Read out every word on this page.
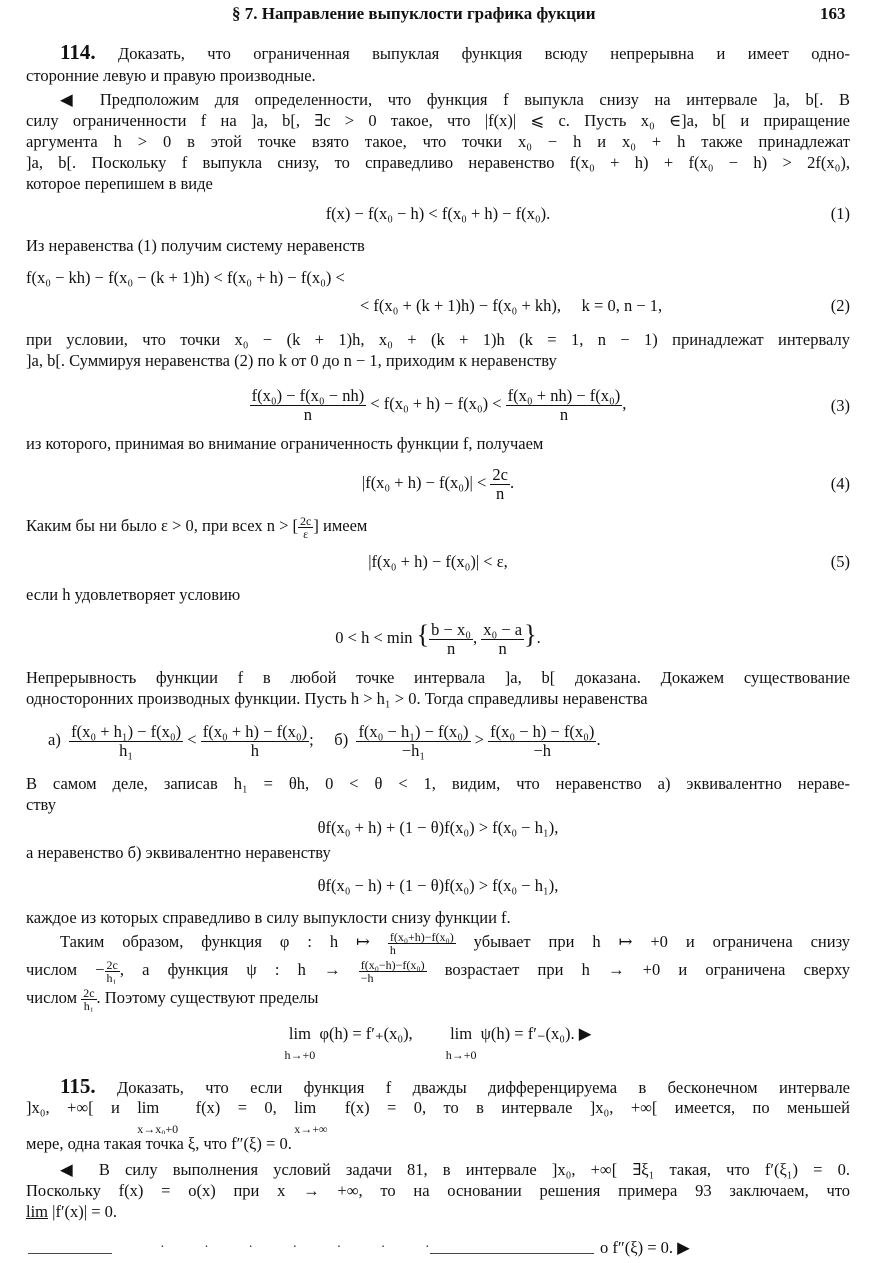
§ 7. Направление выпуклости графика фукции	163
114. Доказать, что ограниченная выпуклая функция всюду непрерывна и имеет одно-
сторонние левую и правую производные.
◀ Предположим для определенности, что функция f выпукла снизу на интервале ]a, b[. В
силу ограниченности f на ]a, b[, ∃c > 0 такое, что |f(x)| ⩽ c. Пусть x₀ ∈]a, b[ и приращение
аргумента h > 0 в этой точке взято такое, что точки x₀ − h и x₀ + h также принадлежат
]a, b[. Поскольку f выпукла снизу, то справедливо неравенство f(x₀ + h) + f(x₀ − h) > 2f(x₀),
которое перепишем в виде
f(x) − f(x₀ − h) < f(x₀ + h) − f(x₀).	(1)
Из неравенства (1) получим систему неравенств
f(x₀ − kh) − f(x₀ − (k + 1)h) < f(x₀ + h) − f(x₀) <
< f(x₀ + (k + 1)h) − f(x₀ + kh), k = 0, n − 1,	(2)
при условии, что точки x₀ − (k + 1)h, x₀ + (k + 1)h (k = 1, n − 1) принадлежат интервалу
]a, b[. Суммируя неравенства (2) по k от 0 до n − 1, приходим к неравенству
$\frac{\text{f(x₀) − f(x₀ − nh)}}{n} < f(x_0 + h) - f(x_0) < \frac{\text{f(x₀ + nh) − f(x₀)}}{n}$ ,	(3)
из которого, принимая во внимание ограниченность функции f, получаем
$|f(x_0 + h) - f(x_0)| < \frac{2c}{n}$ .	(4)
Каким бы ни было ε > 0, при всех n > [ $\frac{2c}{\varepsilon}$ ] имеем
|f(x₀ + h) − f(x₀)| < ε,	(5)
если h удовлетворяет условию
0 < h < min { $\frac{\text{b − x₀}}{n}$ , $\frac{\text{x₀ − a}}{n}$ }.
Непрерывность функции f в любой точке интервала ]a, b[ доказана. Докажем существование
односторонних производных функции. Пусть h > h₁ > 0. Тогда справедливы неравенства
$а) \frac{\text{f(x₀ + h₁) − f(x₀)}}{\text{h₁}} < \frac{\text{f(x₀ + h) − f(x₀)}}{h}$ ; $б) \frac{\text{f(x₀ − h₁) − f(x₀)}}{\text{−h₁}} > \frac{\text{f(x₀ − h) − f(x₀)}}{-h}$ .
В самом деле, записав h₁ = θh, 0 < θ < 1, видим, что неравенство а) эквивалентно нераве-
ству
θf(x₀ + h) + (1 − θ)f(x₀) > f(x₀ − h₁),
а неравенство б) эквивалентно неравенству
θf(x₀ − h) + (1 − θ)f(x₀) > f(x₀ − h₁),
каждое из которых справедливо в силу выпуклости снизу функции f.
Таким образом, функция φ : h ↦ $\frac{\text{f(x₀+h)−f(x₀)}}{h}$ убывает при h ↦ +0 и ограничена снизу
числом − $\frac{2c}{\text{h₁}}$ , а функция ψ : $h \to \frac{\text{f(x₀−h)−f(x₀)}}{-h}$ возрастает при h → +0 и ограничена сверху
числом $\frac{2c}{\text{h₁}}$ . Поэтому существуют пределы
lim
h→+0 φ(h) = f′₊(x₀), lim
h→+0 ψ(h) = f′₋(x₀). ▶
115. Доказать, что если функция f дважды дифференцируема в бесконечном интервале
]x₀, +∞[ и lim
x→x₀+0 f(x) = 0, lim
x→+∞ f(x) = 0, то в интервале ]x₀, +∞[ имеется, по меньшей
мере, одна такая точка ξ, что f″(ξ) = 0.
◀ В силу выполнения условий задачи 81, в интервале ]x₀, +∞[ ∃ξ₁ такая, что f′(ξ₁) = 0.
Поскольку f(x) = o(x) при x → +∞, то на основании решения примера 93 заключаем, что
lim |f′(x)| = 0.
· · · · · · ·	o f″(ξ) = 0. ▶
